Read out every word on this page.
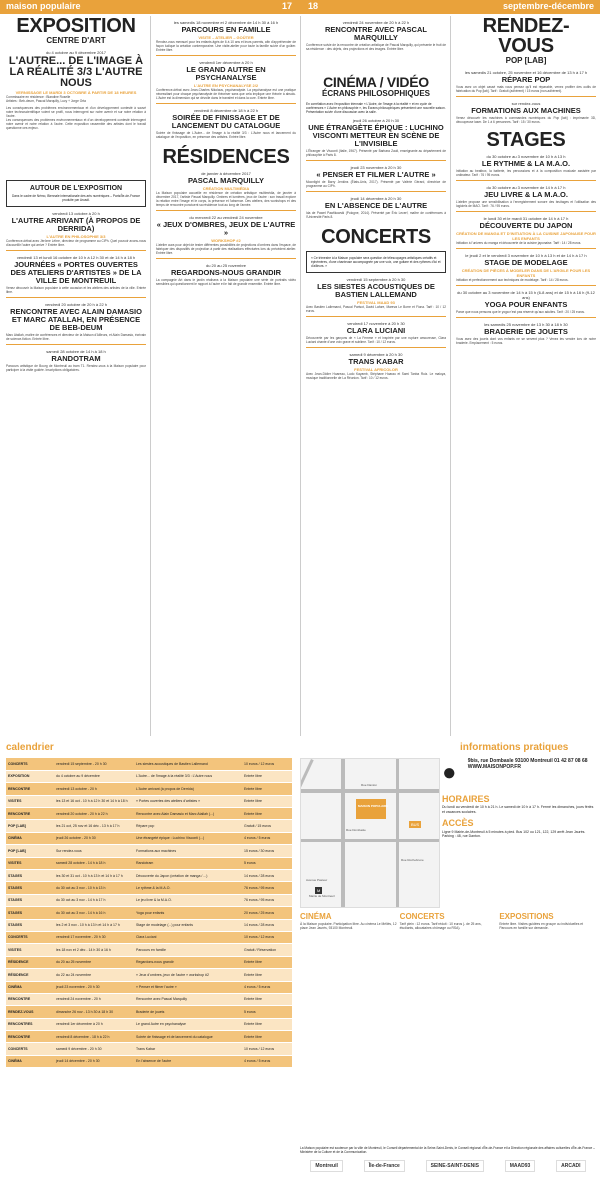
maison populaire	17 18	septembre-décembre
EXPOSITION
CENTRE D'ART
du 4 octobre au 9 décembre 2017
L'AUTRE... DE L'IMAGE À LA RÉALITÉ 3/3 L'AUTRE NOUS
VERNISSAGE LE MARDI 3 OCTOBRE À PARTIR DE 18 HEURES

Commissaire en résidence : Blandine Roselle

Artistes : Beb-deum, Pascal Marquilly, Lucy + Jorge Orta

Les conséquences des problèmes environnementaux et d'un développement contesté à sauvé notre technoscientifique voient se profil, nous interrogent sur notre avenir et sur notre relation à l'autre.

Les consequences des problemes environnementaux et d'un developpement contesté interrogent notre avenir et notre relation à l'autre. Cette exposition rassemble des artistes dont le travail questionne ces enjeux.

AUTOUR DE L'EXPOSITION
Dans le cadre de Némo, Biennale internationale des arts numériques – Paris/Île-de-France produite par Arcadi.
vendredi 13 octobre à 20 h
L'AUTRE ARRIVANT (À PROPOS DE DERRIDA)
L'AUTRE EN PHILOSOPHIE 3/3

Conférence-débat avec Jérôme Lèbre, directeur de programme au CIPh. Quel pouvoir avons-nous d'accueillir l'autre qui arrive ? Entrée libre.

vendredi 13 et lundi 16 octobre de 10 h à 12 h 30 et de 14 h à 18 h
JOURNÉES « PORTES OUVERTES DES ATELIERS D'ARTISTES » DE LA VILLE DE MONTREUIL

Venez découvrir la Maison populaire à cette occasion et les ateliers des artistes de la ville. Entrée libre.

vendredi 20 octobre de 20 h à 22 h
RENCONTRE AVEC ALAIN DAMASIO ET MARC ATALLAH, EN PRÉSENCE DE BEB-DEUM

Marc Atallah, maître de conférences et directeur de la Maison d'Ailleurs, et Alain Damasio, écrivain de science-fiction. Entrée libre.

samedi 28 octobre de 14 h à 18 h
RANDOTRAM

Parcours artistique de Bourg de Montreuil au tram T1. Rendez-vous à la Maison populaire pour participer à la visite guidée. Inscriptions obligatoires.

les samedis 18 novembre et 2 décembre de 14 h 30 à 16 h
PARCOURS EN FAMILLE
VISITE – ATELIER – GOÛTER

Rendez-vous mensuel pour les enfants âgés de 6 à 10 ans et leurs parents, afin d'appréhender de façon ludique la création contemporaine. Une visite-atelier pour toute la famille suivie d'un goûter. Entrée libre.

vendredi 1er décembre à 20 h
LE GRAND AUTRE EN PSYCHANALYSE
L'AUTRE EN PSYCHANALYSE 2/2

Conférence-débat avec Jean-Charles Nikolaus, psychanalyste. La psychanalyse est une pratique nécessitant pour chaque psychanalyste de théoriser sans que cela implique une théorie à absolu. L'Autre est la dimension qui se dévoile dans le transfert et dans la cure. Entrée libre.

vendredi 8 décembre de 18 h à 22 h
SOIRÉE DE FINISSAGE ET DE LANCEMENT DU CATALOGUE

Soirée de finissage de L'Autre... de l'image à la réalité 3/3 : L'Autre nous et lancement du catalogue de l'exposition, en présence des artistes. Entrée libre.

RÉSIDENCES
de janvier à décembre 2017
PASCAL MARQUILLY
CRÉATION MULTIMÉDIA

La Maison populaire accueille en résidence de création artistique multimédia, de janvier à décembre 2017, l'artiste Pascal Marquilly. Ombres et lumières, jeux de l'autre : son travail explore la relation entre l'image et le corps, la présence et l'absence. Des ateliers, des workshops et des temps de rencontre ponctuent sa résidence tout au long de l'année.

du mercredi 22 au vendredi 24 novembre
« JEUX D'OMBRES, JEUX DE L'AUTRE »
WORKSHOP #2

L'atelier aura pour objet de tester différentes possibilités de projections d'ombres dans l'espace, de fabriquer des dispositifs de projection à partir des réalisations effectuées lors du précédent atelier. Entrée libre.

du 20 au 25 novembre
REGARDONS-NOUS GRANDIR

La compagnie Art dans le jardin réalisera à la Maison populaire une série de portraits vidéo sensibles qui questionnent le rapport à l'autre et le fait de grandir ensemble. Entrée libre.

vendredi 24 novembre de 20 h à 22 h
RENCONTRE AVEC PASCAL MARQUILLY

Conférence suivie de la rencontre de création artistique de Pascal Marquilly, qui présente le fruit de sa résidence : des objets, des projections et des images. Entrée libre.

CINÉMA / VIDÉO
ÉCRANS PHILOSOPHIQUES

En corrélation avec l'exposition triennale « L'Autre, de l'image à la réalité » et en cycle de conférences « L'Autre en philosophie », les Écrans philosophiques présentent une nouvelle saison. Présentation suivie d'une discussion avec la salle.

jeudi 26 octobre à 20 h 30
UNE ÉTRANGÈTE ÉPIQUE : LUCHINO VISCONTI METTEUR EN SCÈNE DE L'INVISIBLE

L'Étranger de Visconti (Italie, 1967). Présenté par Barbara Zauli, enseignante au département de philosophie à Paris 8.

jeudi 23 novembre à 20 h 30
« PENSER ET FILMER L'AUTRE »

Moonlight de Barry Jenkins (États-Unis, 2017). Présenté par Valérie Gérard, directrice de programme au CIPh.

jeudi 14 décembre à 20 h 30
EN L'ABSENCE DE L'AUTRE

Ida de Paweł Pawlikowski (Pologne, 2014). Présenté par Éric Lecerf, maître de conférences à l'Université Paris 8.

CONCERTS

« Ce trimestre à la Maison populaire sera question de télescopages artistiques créatifs et éphémères, d'une chanteuse accompagnée par une voix, une guitare et des rythmes d'ici et d'ailleurs. »

vendredi 15 septembre à 20 h 30
LES SIESTES ACOUSTIQUES DE BASTIEN LALLEMAND
FESTIVAL MAAD 93

Avec Bastien Lallemand, Pascal Parisot, David Lafore, Mareva Le Borre et Fiona. Tarif : 10 / 12 euros.

vendredi 17 novembre à 20 h 30
CLARA LUCIANI

Découverte par les garçons de « La Femme » et inspirée par une rupture amoureuse, Clara Luciani chante d'une voix grave et sublime. Tarif : 10 / 12 euros.

samedi 9 décembre à 20 h 30
TRANS KABAR
FESTIVAL AFRICOLOR

Avec Jean-Didier Hoareau, Ludo Kayamb, Stéphane Hoarau et Sami Tanba Ruiz. Le maloya, musique traditionnelle de La Réunion. Tarif : 10 / 12 euros.

RENDEZ-VOUS
POP [LAB]
les samedis 21 octobre, 25 novembre et 16 décembre de 13 h à 17 h
RÉPARE POP

Vous avez un objet cassé mais vous pensez qu'il est réparable, venez profiter des outils de fabrication du Pop [lab]. Tarif : Gratuit (adhérent) / 15 euros (non-adhérent).

sur rendez-vous
FORMATIONS AUX MACHINES

Venez découvrir les machines à commandes numériques du Pop [lab] : imprimante 3D, découpeuse laser. De 1 à 6 personnes. Tarif : 15 / 30 euros.

STAGES
du 30 octobre au 3 novembre de 10 h à 13 h
LE RYTHME & LA M.A.O.

Initiation au beatbox, la batterie, les percussions et à la composition musicale assistée par ordinateur. Tarif : 76 / 95 euros.

du 30 octobre au 3 novembre de 14 h à 17 h
JEU LIVRE & LA M.A.O.

L'atelier propose une sensibilisation à l'enregistrement sonore des bruitages et l'utilisation des logiciels de MAO. Tarif : 76 / 95 euros.

le lundi 30 et le mardi 31 octobre de 14 h à 17 h
DÉCOUVERTE DU JAPON
CRÉATION DE MANGA ET D'INITIATION À LA CUISINE JAPONAISE POUR LES ENFANTS

Initiation à l'univers du manga et découverte de la cuisine japonaise. Tarif : 14 / 28 euros.

le jeudi 2 et le vendredi 3 novembre de 10 h à 13 h et de 14 h à 17 h
STAGE DE MODELAGE
CRÉATION DE PIÈCES À MODELER DANS DE L'ARGILE POUR LES ENFANTS

Initiation et perfectionnement aux techniques de modelage. Tarif : 14 / 28 euros.

du 30 octobre au 3 novembre de 14 h à 15 h (6-8 ans) et de 15 h à 16 h (9-12 ans)
YOGA POUR ENFANTS

Parce que nous pensons que le yoga n'est pas réservé qu'aux adultes. Tarif : 20 / 25 euros.

les samedis 25 novembre de 13 h 30 à 18 h 30
BRADERIE DE JOUETS

Vous avez des jouets dont vos enfants ne se servent plus ? Venez les vendre lors de notre braderie. Emplacement : 5 euros.

calendrier	informations pratiques
CONCERTS	vendredi 15 septembre - 20 h 30	Les siestes acoustiques de Bastien Lallemand	10 euros / 12 euros
EXPOSITION	du 4 octobre au 9 décembre	L'Autre... de l'image à la réalité 3/3 : L'Autre nous	Entrée libre
RENCONTRE	vendredi 13 octobre - 20 h	L'Autre arrivant (à propos de Derrida)	Entrée libre
VISITES	les 13 et 16 oct - 10 h à 12 h 30 et 14 h à 18 h	« Portes ouvertes des ateliers d'artistes »	Entrée libre
RENCONTRE	vendredi 20 octobre - 20 h à 22 h	Rencontre avec Alain Damasio et Marc Atallah (...)	Entrée libre
POP [LAB]	les 21 oct, 25 nov et 16 déc - 13 h à 17 h	Répare pop	Gratuit / 15 euros
CINÉMA	jeudi 26 octobre - 20 h 30	Une étrangeté épique : Luchino Visconti (...)	4 euros / 5 euros
POP [LAB]	Sur rendez-vous	Formations aux machines	15 euros / 30 euros
VISITES	samedi 28 octobre - 14 h à 18 h	Randotram	5 euros
STAGES	les 30 et 31 oct - 10 h à 13 h et 14 h à 17 h	Découverte du Japon (création de manga / ...)	14 euros / 28 euros
STAGES	du 30 oct au 3 nov - 10 h à 13 h	Le rythme & la M.A.O.	76 euros / 95 euros
STAGES	du 30 oct au 3 nov - 14 h à 17 h	Le jeu livre & la M.A.O.	76 euros / 95 euros
STAGES	du 30 oct au 3 nov - 14 h à 16 h	Yoga pour enfants	20 euros / 25 euros
STAGES	les 2 et 3 nov - 10 h à 13 h et 14 h à 17 h	Stage de modelage (...) pour enfants	14 euros / 28 euros
CONCERTS	vendredi 17 novembre - 20 h 30	Clara Luciani	10 euros / 12 euros
VISITES	les 18 nov et 2 déc - 14 h 30 à 16 h	Parcours en famille	Gratuit / Réservation
RÉSIDENCE	du 20 au 25 novembre	Regardons-nous grandir	Entrée libre
RÉSIDENCE	du 22 au 24 novembre	« Jeux d'ombres, jeux de l'autre » workshop #2	Entrée libre
CINÉMA	jeudi 23 novembre - 20 h 30	« Penser et filmer l'autre »	4 euros / 5 euros
RENCONTRE	vendredi 24 novembre - 20 h	Rencontre avec Pascal Marquilly	Entrée libre
RENDEZ-VOUS	dimanche 26 nov - 13 h 30 à 18 h 30	Braderie de jouets	5 euros
RENCONTRES	vendredi 1er décembre à 20 h	Le grand Autre en psychanalyse	Entrée libre
RENCONTRE	vendredi 8 décembre - 18 h à 22 h	Soirée de finissage et de lancement du catalogue	Entrée libre
CONCERTS	samedi 9 décembre - 20 h 30	Trans Kabar	10 euros / 12 euros
CINÉMA	jeudi 14 décembre - 20 h 30	En l'absence de l'autre	4 euros / 5 euros
MAISON POPULAIRE
Rue Danton
Rue Dombasle
Rue Rochebrune
Avenue Pasteur
BUS
M
Mairie de Montreuil
●	9bis, rue Dombasle 93100 Montreuil 01 42 87 08 68 WWW.MAISONPOP.FR
HORAIRES

Du lundi au vendredi de 10 h à 21 h. Le samedi de 10 h à 17 h. Fermé les dimanches, jours fériés et vacances scolaires.

ACCÈS

Ligne 9 Mairie-de-Montreuil à 5 minutes à pied. Bus 102 ou 121, 122, 129 arrêt Jean Jaurès. Parking : 48, rue Danton.

CINÉMA

À la Maison populaire. Participation libre. Au cinéma Le Méliès, 12 place Jean Jaurès, 93100 Montreuil.

CONCERTS

Tarif plein : 12 euros. Tarif réduit : 10 euros (- de 25 ans, étudiants, allocataires chômage ou RSA).

EXPOSITIONS

Entrée libre. Visites guidées en groupe ou individuelles et Parcours en famille sur demande.

La Maison populaire est soutenue par la ville de Montreuil, le Conseil départemental de la Seine-Saint-Denis, le Conseil régional d'Île-de-France et la Direction régionale des affaires culturelles d'Île-de-France – Ministère de la Culture et de la Communication.

Montreuil	Île-de-France	SEINE-SAINT-DENIS	MAAD93	ARCADI
